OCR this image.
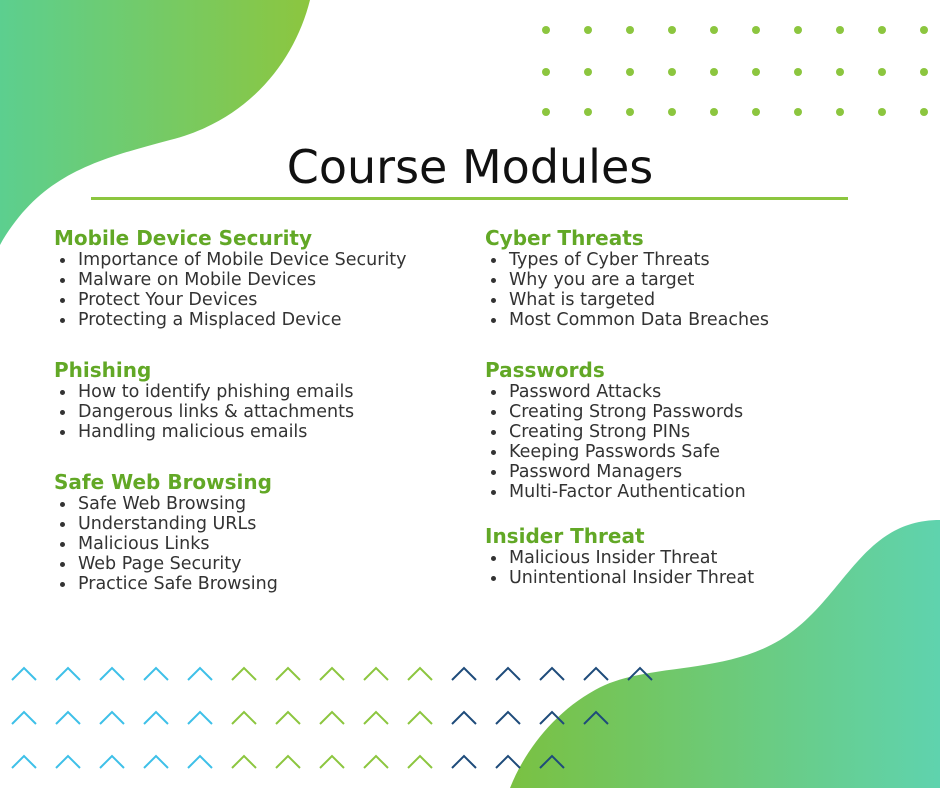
Course Modules
Mobile Device Security
Importance of Mobile Device Security
Malware on Mobile Devices
Protect Your Devices
Protecting a Misplaced Device
Phishing
How to identify phishing emails
Dangerous links & attachments
Handling malicious emails
Safe Web Browsing
Safe Web Browsing
Understanding URLs
Malicious Links
Web Page Security
Practice Safe Browsing
Cyber Threats
Types of Cyber Threats
Why you are a target
What is targeted
Most Common Data Breaches
Passwords
Password Attacks
Creating Strong Passwords
Creating Strong PINs
Keeping Passwords Safe
Password Managers
Multi-Factor Authentication
Insider Threat
Malicious Insider Threat
Unintentional Insider Threat
